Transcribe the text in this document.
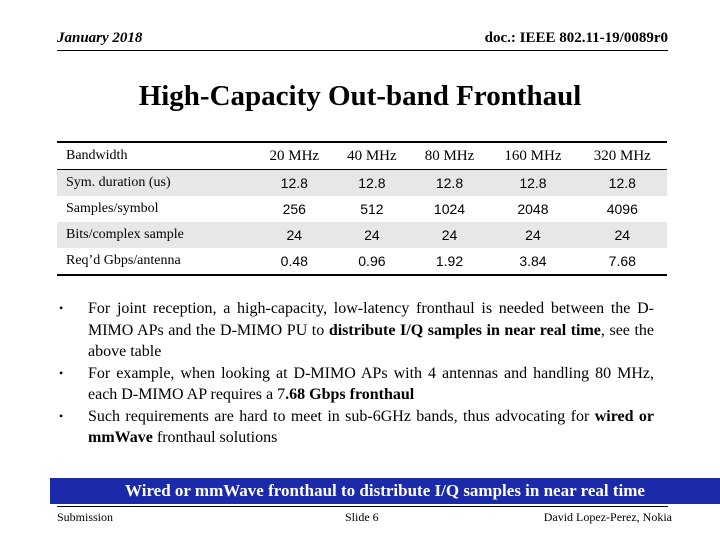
January 2018	doc.: IEEE 802.11-19/0089r0
High-Capacity Out-band Fronthaul
Bandwidth	20 MHz	40 MHz	80 MHz	160 MHz	320 MHz
Sym. duration (us)	12.8	12.8	12.8	12.8	12.8
Samples/symbol	256	512	1024	2048	4096
Bits/complex sample	24	24	24	24	24
Req’d Gbps/antenna	0.48	0.96	1.92	3.84	7.68
• For joint reception, a high-capacity, low-latency fronthaul is needed between the D-MIMO APs and the D-MIMO PU to distribute I/Q samples in near real time, see the above table
• For example, when looking at D-MIMO APs with 4 antennas and handling 80 MHz, each D-MIMO AP requires a 7.68 Gbps fronthaul
• Such requirements are hard to meet in sub-6GHz bands, thus advocating for wired or mmWave fronthaul solutions
Wired or mmWave fronthaul to distribute I/Q samples in near real time
Submission	Slide 6	David Lopez-Perez, Nokia
